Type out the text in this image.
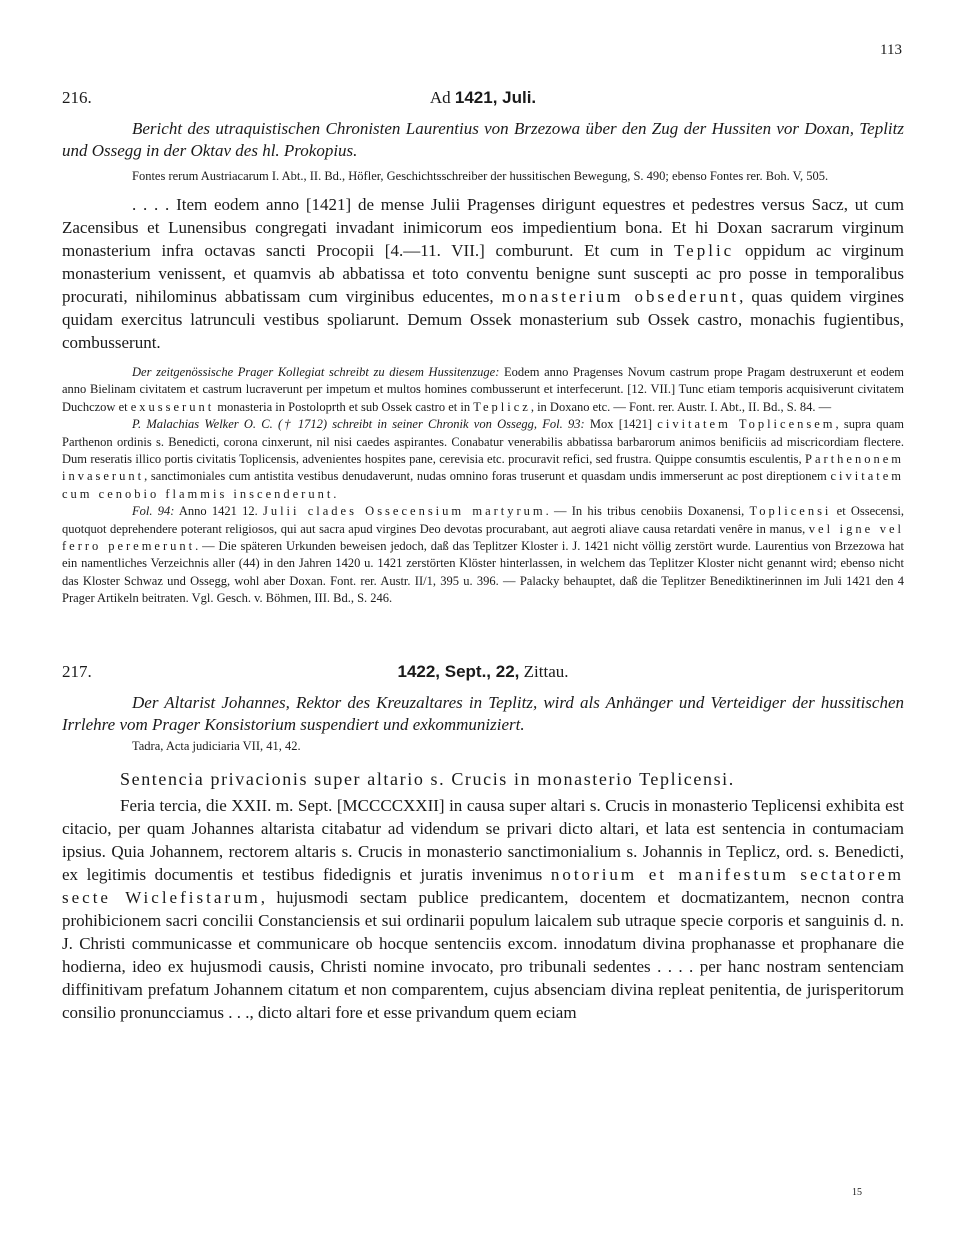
113
216.	Ad 1421, Juli.

Bericht des utraquistischen Chronisten Laurentius von Brzezowa über den Zug der Hussiten vor Doxan, Teplitz und Ossegg in der Oktav des hl. Prokopius.

Fontes rerum Austriacarum I. Abt., II. Bd., Höfler, Geschichtsschreiber der hussitischen Bewegung, S. 490; ebenso Fontes rer. Boh. V, 505.

. . . . Item eodem anno [1421] de mense Julii Pragenses dirigunt equestres et pedestres versus Sacz, ut cum Zacensibus et Lunensibus congregati invadant inimicorum eos impedientium bona. Et hi Doxan sacrarum virginum monasterium infra octavas sancti Procopii [4.—11. VII.] comburunt. Et cum in Teplic oppidum ac virginum monasterium venissent, et quamvis ab abbatissa et toto conventu benigne sunt suscepti ac pro posse in temporalibus procurati, nihilominus abbatissam cum virginibus educentes, monasterium obsederunt, quas quidem virgines quidam exercitus latrunculi vestibus spoliarunt. Demum Ossek monasterium sub Ossek castro, monachis fugientibus, combusserunt.

Der zeitgenössische Prager Kollegiat schreibt zu diesem Hussitenzuge: Eodem anno Pragenses Novum castrum prope Pragam destruxerunt et eodem anno Bielinam civitatem et castrum lucraverunt per impetum et multos homines combusserunt et interfecerunt. [12. VII.] Tunc etiam temporis acquisiverunt civitatem Duchczow et exusserunt monasteria in Postoloprth et sub Ossek castro et in Teplicz, in Doxano etc. — Font. rer. Austr. I. Abt., II. Bd., S. 84. —

P. Malachias Welker O. C. († 1712) schreibt in seiner Chronik von Ossegg, Fol. 93: Mox [1421] civitatem Toplicensem, supra quam Parthenon ordinis s. Benedicti, corona cinxerunt, nil nisi caedes aspirantes. Conabatur venerabilis abbatissa barbarorum animos benificiis ad miscricordiam flectere. Dum reseratis illico portis civitatis Toplicensis, advenientes hospites pane, cerevisia etc. procuravit refici, sed frustra. Quippe consumtis esculentis, Parthenonem invaserunt, sanctimoniales cum antistita vestibus denudaverunt, nudas omnino foras truserunt et quasdam undis immerserunt ac post direptionem civitatem cum cenobio flammis inscenderunt.

Fol. 94: Anno 1421 12. Julii clades Ossecensium martyrum. — In his tribus cenobiis Doxanensi, Toplicensi et Ossecensi, quotquot deprehendere poterant religiosos, qui aut sacra apud virgines Deo devotas procurabant, aut aegroti aliave causa retardati venêre in manus, vel igne vel ferro peremerunt. — Die späteren Urkunden beweisen jedoch, daß das Teplitzer Kloster i. J. 1421 nicht völlig zerstört wurde. Laurentius von Brzezowa hat ein namentliches Verzeichnis aller (44) in den Jahren 1420 u. 1421 zerstörten Klöster hinterlassen, in welchem das Teplitzer Kloster nicht genannt wird; ebenso nicht das Kloster Schwaz und Ossegg, wohl aber Doxan. Font. rer. Austr. II/1, 395 u. 396. — Palacky behauptet, daß die Teplitzer Benediktinerinnen im Juli 1421 den 4 Prager Artikeln beitraten. Vgl. Gesch. v. Böhmen, III. Bd., S. 246.

217.	1422, Sept., 22, Zittau.

Der Altarist Johannes, Rektor des Kreuzaltares in Teplitz, wird als Anhänger und Verteidiger der hussitischen Irrlehre vom Prager Konsistorium suspendiert und exkommuniziert.

Tadra, Acta judiciaria VII, 41, 42.

Sentencia privacionis super altario s. Crucis in monasterio Teplicensi.

Feria tercia, die XXII. m. Sept. [MCCCCXXII] in causa super altari s. Crucis in monasterio Teplicensi exhibita est citacio, per quam Johannes altarista citabatur ad videndum se privari dicto altari, et lata est sentencia in contumaciam ipsius. Quia Johannem, rectorem altaris s. Crucis in monasterio sanctimonialium s. Johannis in Teplicz, ord. s. Benedicti, ex legitimis documentis et testibus fidedignis et juratis invenimus notorium et manifestum sectatorem secte Wiclefistarum, hujusmodi sectam publice predicantem, docentem et docmatizantem, necnon contra prohibicionem sacri concilii Constanciensis et sui ordinarii populum laicalem sub utraque specie corporis et sanguinis d. n. J. Christi communicasse et communicare ob hocque sentenciis excom. innodatum divina prophanasse et prophanare die hodierna, ideo ex hujusmodi causis, Christi nomine invocato, pro tribunali sedentes . . . . per hanc nostram sentenciam diffinitivam prefatum Johannem citatum et non comparentem, cujus absenciam divina repleat penitentia, de jurisperitorum consilio pronuncciamus . . ., dicto altari fore et esse privandum quem eciam

15
